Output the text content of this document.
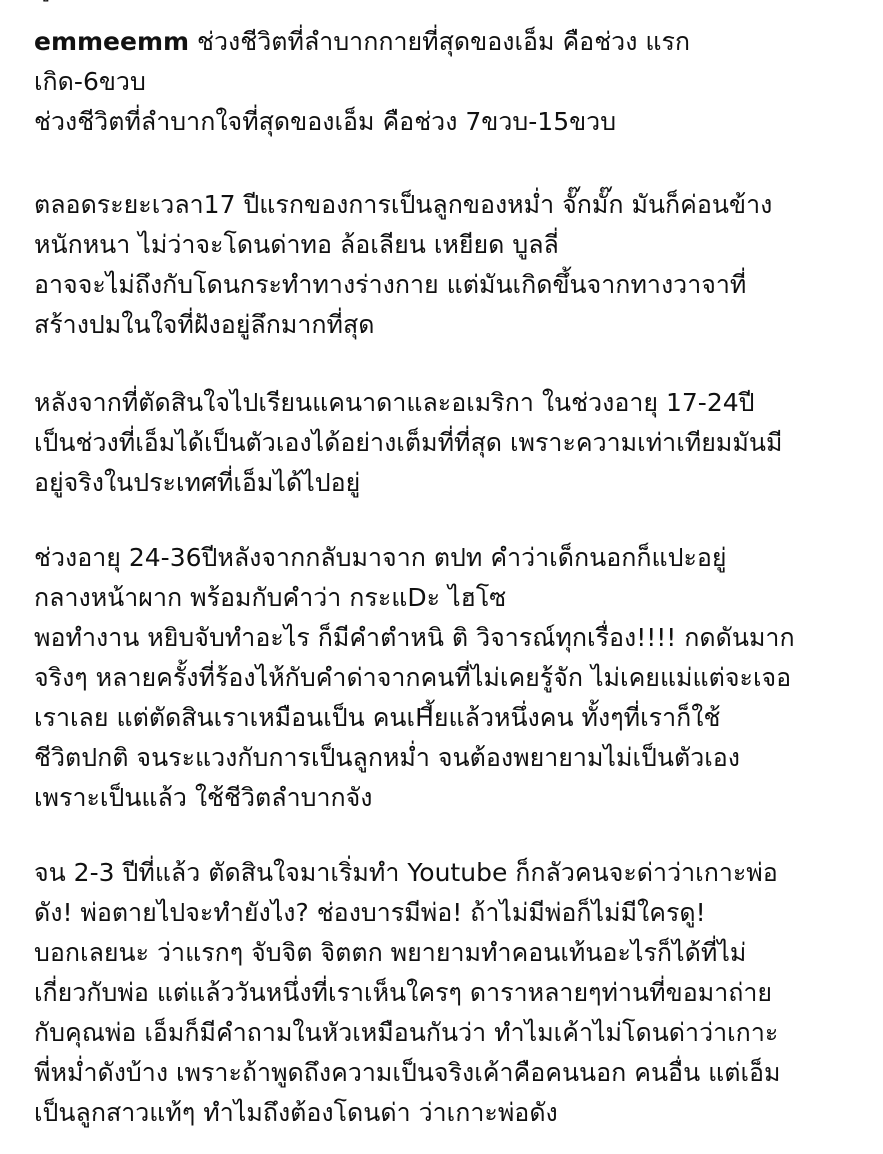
emmeemm ช่วงชีวิตที่ลำบากกายที่สุดของเอ็ม คือช่วง แรก

เกิด-6ขวบ

ช่วงชีวิตที่ลำบากใจที่สุดของเอ็ม คือช่วง 7ขวบ-15ขวบ

ตลอดระยะเวลา17 ปีแรกของการเป็นลูกของหม่ำ จั๊กมั๊ก มันก็ค่อนข้าง

หนักหนา ไม่ว่าจะโดนด่าทอ ล้อเลียน เหยียด บูลลี่

อาจจะไม่ถึงกับโดนกระทำทางร่างกาย แต่มันเกิดขึ้นจากทางวาจาที่

สร้างปมในใจที่ฝังอยู่ลึกมากที่สุด

หลังจากที่ตัดสินใจไปเรียนแคนาดาและอเมริกา ในช่วงอายุ 17-24ปี

เป็นช่วงที่เอ็มได้เป็นตัวเองได้อย่างเต็มที่ที่สุด เพราะความเท่าเทียมมันมี

อยู่จริงในประเทศที่เอ็มได้ไปอยู่

ช่วงอายุ 24-36ปีหลังจากกลับมาจาก ตปท คำว่าเด็กนอกก็แปะอยู่

กลางหน้าผาก พร้อมกับคำว่า กระแDะ ไฮโซ

พอทำงาน หยิบจับทำอะไร ก็มีคำตำหนิ ติ วิจารณ์ทุกเรื่อง!!!! กดดันมาก

จริงๆ หลายครั้งที่ร้องไห้กับคำด่าจากคนที่ไม่เคยรู้จัก ไม่เคยแม่แต่จะเจอ

เราเลย แต่ตัดสินเราเหมือนเป็น คนเHี้ยแล้วหนึ่งคน ทั้งๆที่เราก็ใช้

ชีวิตปกติ จนระแวงกับการเป็นลูกหม่ำ จนต้องพยายามไม่เป็นตัวเอง

เพราะเป็นแล้ว ใช้ชีวิตลำบากจัง

จน 2-3 ปีที่แล้ว ตัดสินใจมาเริ่มทำ Youtube ก็กลัวคนจะด่าว่าเกาะพ่อ

ดัง! พ่อตายไปจะทำยังไง? ช่องบารมีพ่อ! ถ้าไม่มีพ่อก็ไม่มีใครดู!

บอกเลยนะ ว่าแรกๆ จับจิต จิตตก พยายามทำคอนเท้นอะไรก็ได้ที่ไม่

เกี่ยวกับพ่อ แต่แล้ววันหนึ่งที่เราเห็นใครๆ ดาราหลายๆท่านที่ขอมาถ่าย

กับคุณพ่อ เอ็มก็มีคำถามในหัวเหมือนกันว่า ทำไมเค้าไม่โดนด่าว่าเกาะ

พี่หม่ำดังบ้าง เพราะถ้าพูดถึงความเป็นจริงเค้าคือคนนอก คนอื่น แต่เอ็ม

เป็นลูกสาวแท้ๆ ทำไมถึงต้องโดนด่า ว่าเกาะพ่อดัง
